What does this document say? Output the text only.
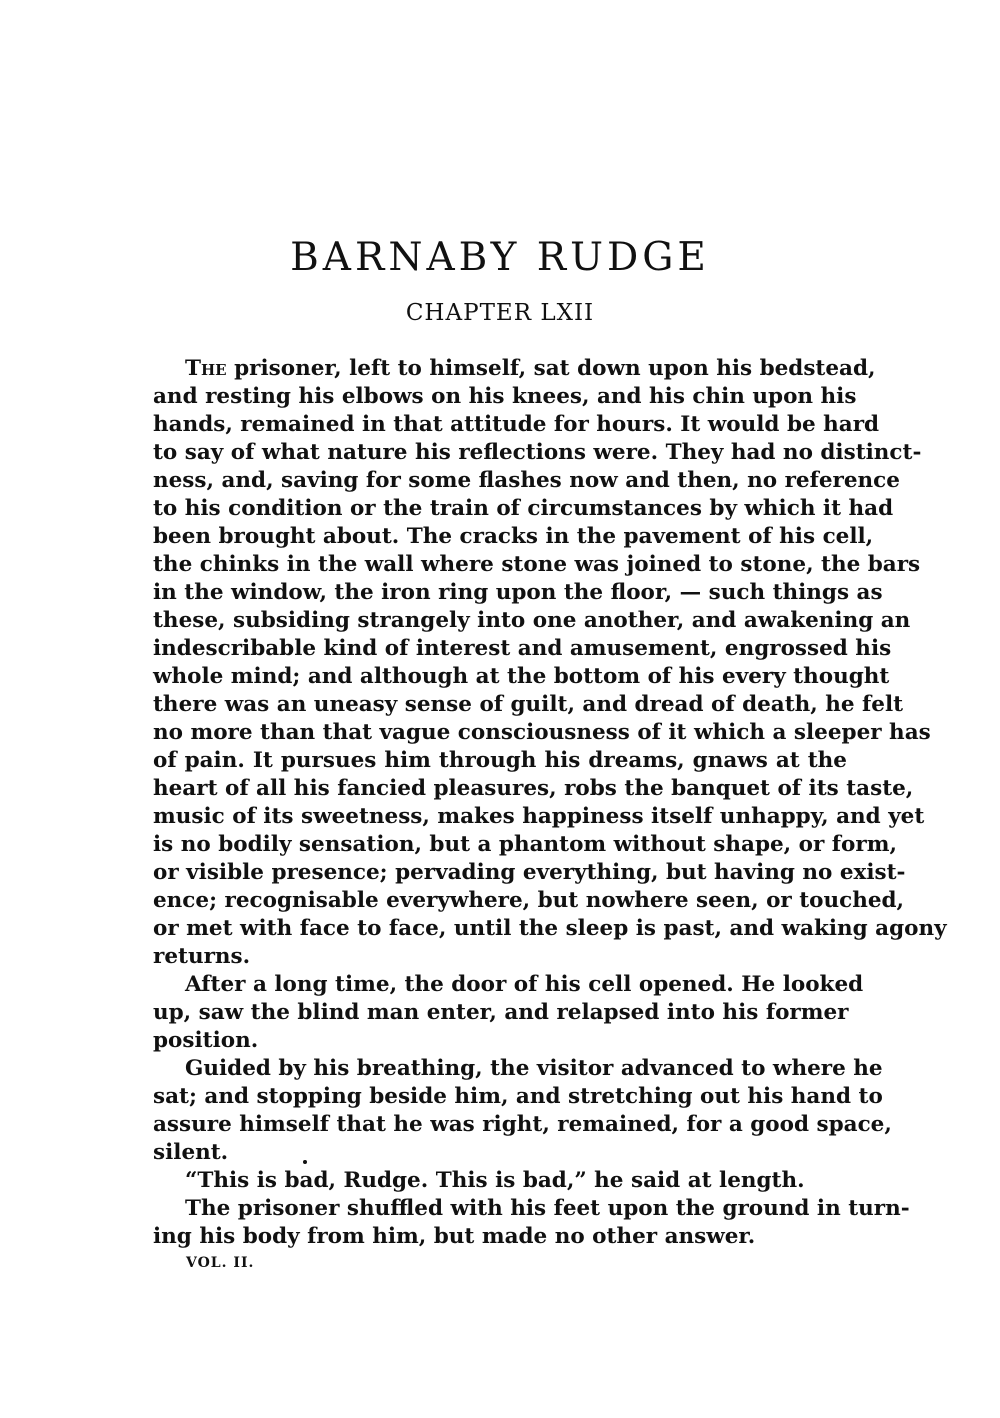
BARNABY RUDGE
CHAPTER LXII
The prisoner, left to himself, sat down upon his bedstead,
and resting his elbows on his knees, and his chin upon his
hands, remained in that attitude for hours. It would be hard
to say of what nature his reflections were. They had no distinct-
ness, and, saving for some flashes now and then, no reference
to his condition or the train of circumstances by which it had
been brought about. The cracks in the pavement of his cell,
the chinks in the wall where stone was joined to stone, the bars
in the window, the iron ring upon the floor, — such things as
these, subsiding strangely into one another, and awakening an
indescribable kind of interest and amusement, engrossed his
whole mind; and although at the bottom of his every thought
there was an uneasy sense of guilt, and dread of death, he felt
no more than that vague consciousness of it which a sleeper has
of pain. It pursues him through his dreams, gnaws at the
heart of all his fancied pleasures, robs the banquet of its taste,
music of its sweetness, makes happiness itself unhappy, and yet
is no bodily sensation, but a phantom without shape, or form,
or visible presence; pervading everything, but having no exist-
ence; recognisable everywhere, but nowhere seen, or touched,
or met with face to face, until the sleep is past, and waking agony
returns.
After a long time, the door of his cell opened. He looked
up, saw the blind man enter, and relapsed into his former
position.
Guided by his breathing, the visitor advanced to where he
sat; and stopping beside him, and stretching out his hand to
assure himself that he was right, remained, for a good space,
silent.
“This is bad, Rudge. This is bad,” he said at length.
The prisoner shuffled with his feet upon the ground in turn-
ing his body from him, but made no other answer.
VOL. II.
